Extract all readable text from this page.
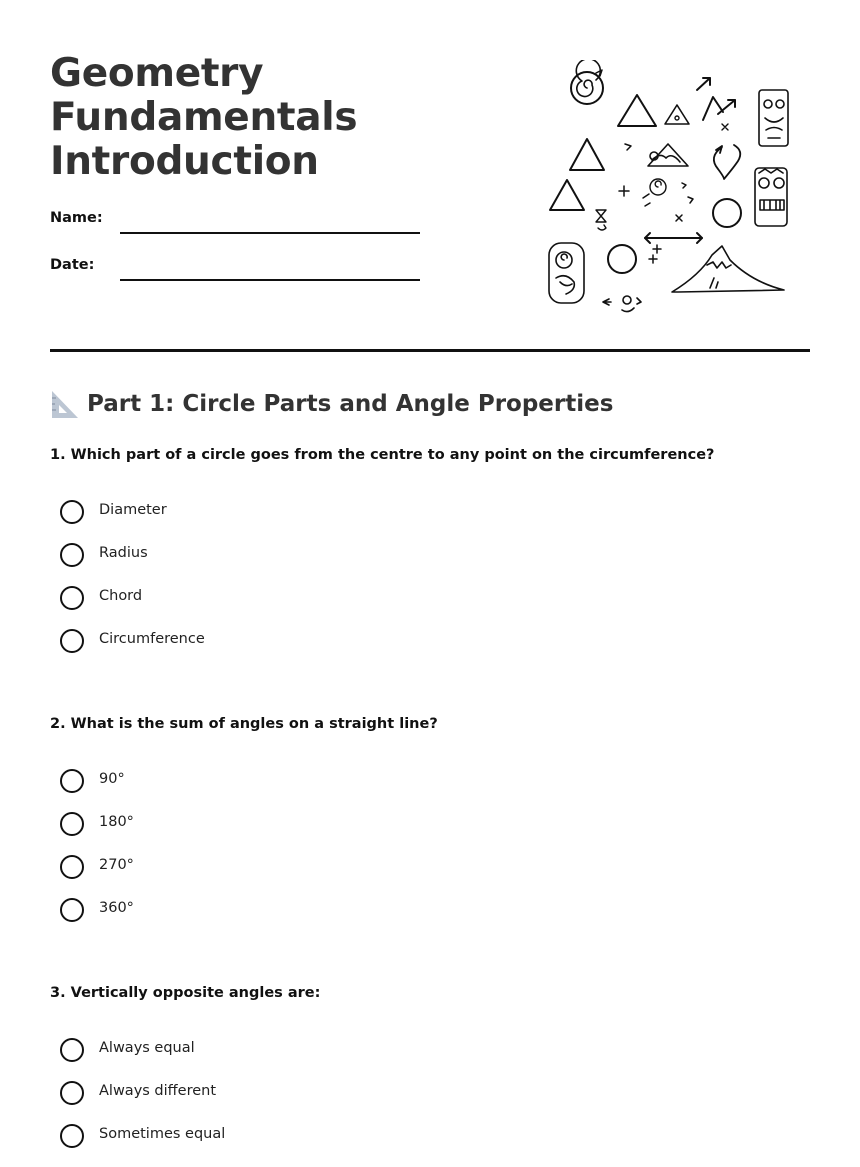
Geometry
Fundamentals
Introduction
Name:
Date:
Part 1: Circle Parts and Angle Properties

1. Which part of a circle goes from the centre to any point on the circumference?

Diameter
Radius
Chord
Circumference

2. What is the sum of angles on a straight line?

90°
180°
270°
360°

3. Vertically opposite angles are:

Always equal
Always different
Sometimes equal
